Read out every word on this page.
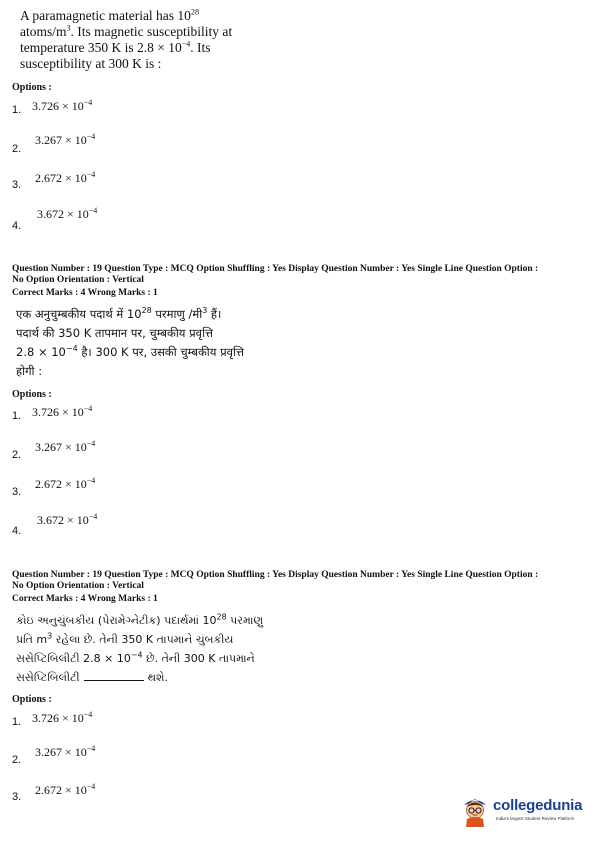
A paramagnetic material has $10^{28}$
atoms/$m^3$. Its magnetic susceptibility at
temperature 350 K is $2.8 \times 10^{-4}$. Its
susceptibility at 300 K is :
Options :
1. $3.726 \times 10^{-4}$
2.
$3.267 \times 10^{-4}$
3. $2.672 \times 10^{-4}$
4.
$3.672 \times 10^{-4}$
Question Number : 19 Question Type : MCQ Option Shuffling : Yes Display Question Number : Yes Single Line Question Option :
No Option Orientation : Vertical
Correct Marks : 4 Wrong Marks : 1
एक अनुचुम्बकीय पदार्थ में $10^{28}$ परमाणु /मी$^3$ हैं।
पदार्थ की 350 K तापमान पर, चुम्बकीय प्रवृत्ति
$2.8 \times 10^{-4}$ है। 300 K पर, उसकी चुम्बकीय प्रवृत्ति
होगी :
Options :
1. $3.726 \times 10^{-4}$
2.
$3.267 \times 10^{-4}$
3.
$2.672 \times 10^{-4}$
4.
$3.672 \times 10^{-4}$
Question Number : 19 Question Type : MCQ Option Shuffling : Yes Display Question Number : Yes Single Line Question Option :
No Option Orientation : Vertical
Correct Marks : 4 Wrong Marks : 1
કોઇ અનુચુંબકીય (પેરામેગ્નેટીક) પદાર્થમાં $10^{28}$ પરમાણુ
પ્રતિ $m^3$ રહેલા છે. તેની 350 K તાપમાને ચુંબકીય
સસેપ્ટિબિલીટી $2.8 \times 10^{-4}$ છે. તેની 300 K તાપમાને
સસેપ્ટિબિલીટી	થશે.
Options :
1. $3.726 \times 10^{-4}$
2.
$3.267 \times 10^{-4}$
3. $2.672 \times 10^{-4}$
collegedunia
India's largest Student Review Platform
